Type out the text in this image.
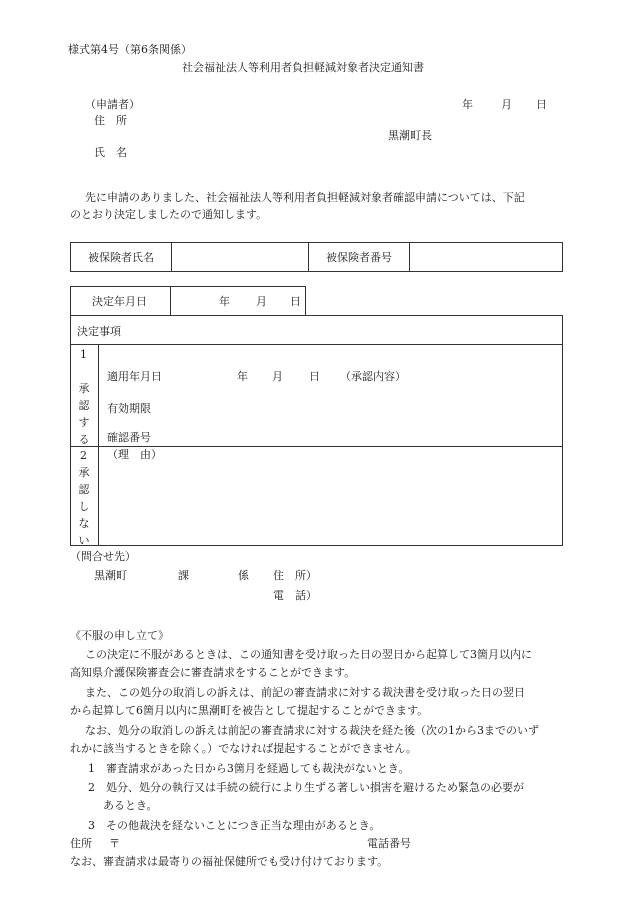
様式第4号（第6条関係）
社会福祉法人等利用者負担軽減対象者決定通知書
（申請者）
住　所
氏　名
年	月 日
黒潮町長
先に申請のありました、社会福祉法人等利用者負担軽減対象者確認申請については、下記
のとおり決定しましたので通知します。
被保険者氏名		被保険者番号	
決定年月日	年 月 日
決定事項
1
承
認
す
る
適用年月日	年 月 日 （承認内容）
有効期限
確認番号
2
承
認
し
な
い
（理　由）
（問合せ先）
黒潮町	課	係 住　所）
電　話）
《不服の申し立て》
この決定に不服があるときは、この通知書を受け取った日の翌日から起算して3箇月以内に
高知県介護保険審査会に審査請求をすることができます。
また、この処分の取消しの訴えは、前記の審査請求に対する裁決書を受け取った日の翌日
から起算して6箇月以内に黒潮町を被告として提起することができます。
なお、処分の取消しの訴えは前記の審査請求に対する裁決を経た後（次の1から3までのいず
れかに該当するときを除く。）でなければ提起することができません。
1　審査請求があった日から3箇月を経過しても裁決がないとき。
2　処分、処分の執行又は手続の続行により生ずる著しい損害を避けるため緊急の必要が
あるとき。
3　その他裁決を経ないことにつき正当な理由があるとき。
住所 〒	電話番号
なお、審査請求は最寄りの福祉保健所でも受け付けております。
